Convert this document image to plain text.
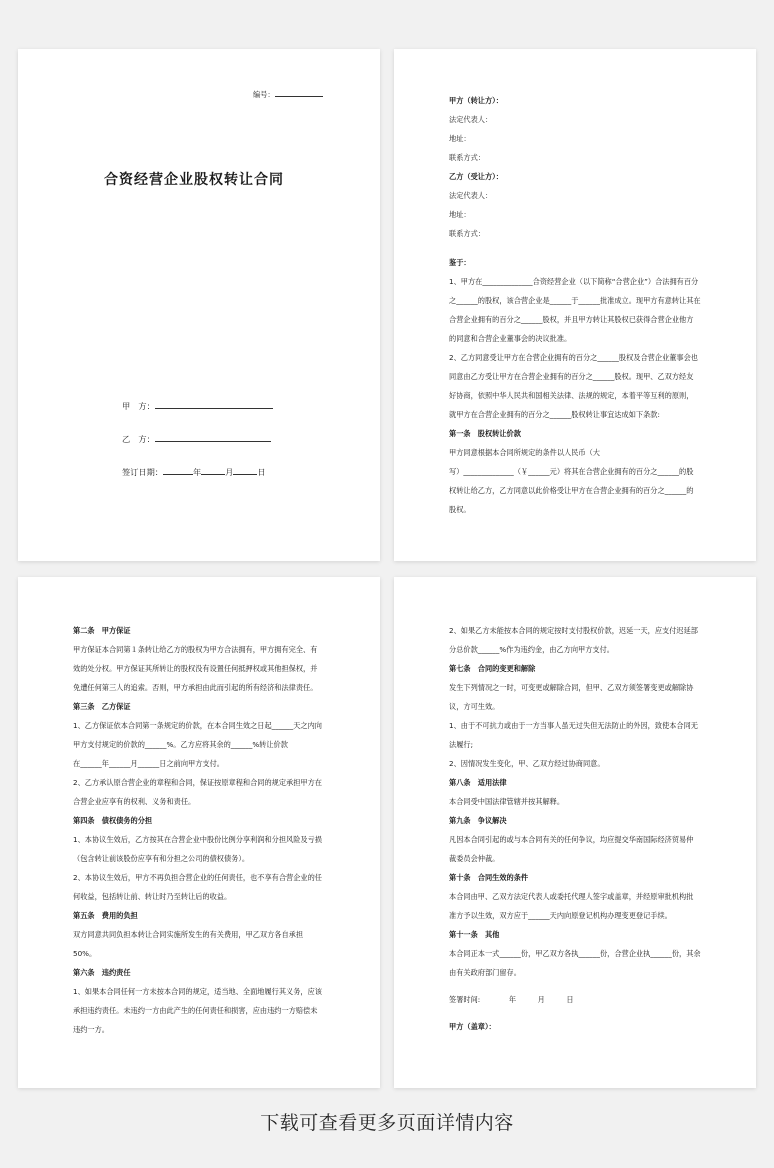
编号：
合资经营企业股权转让合同
甲　方：
乙　方：
签订日期：	年	月	日

甲方（转让方）：

法定代表人：

地址：

联系方式：

乙方（受让方）：

法定代表人：

地址：

联系方式：

鉴于：

1、甲方在______________合资经营企业（以下简称“合营企业”）合法拥有百分

之______的股权，该合营企业是______于______批准成立。现甲方有意转让其在

合营企业拥有的百分之______股权，并且甲方转让其股权已获得合营企业他方

的同意和合营企业董事会的决议批准。

2、乙方同意受让甲方在合营企业拥有的百分之______股权及合营企业董事会也

同意由乙方受让甲方在合营企业拥有的百分之______股权。现甲、乙双方经友

好协商，依照中华人民共和国相关法律、法规的规定，本着平等互利的原则，

就甲方在合营企业拥有的百分之______股权转让事宜达成如下条款:

第一条　股权转让价款

甲方同意根据本合同所规定的条件以人民币（大

写）______________（￥______元）将其在合营企业拥有的百分之______的股

权转让给乙方，乙方同意以此价格受让甲方在合营企业拥有的百分之______的

股权。

第二条　甲方保证

甲方保证本合同第１条转让给乙方的股权为甲方合法拥有，甲方拥有完全、有

效的处分权。甲方保证其所转让的股权没有设置任何抵押权或其他担保权，并

免遭任何第三人的追索。否则，甲方承担由此而引起的所有经济和法律责任。

第三条　乙方保证

1、乙方保证依本合同第一条规定的价款，在本合同生效之日起______天之内向

甲方支付规定的价款的______%。乙方应将其余的______%转让价款

在______年______月______日之前向甲方支付。

2、乙方承认原合营企业的章程和合同，保证按原章程和合同的规定承担甲方在

合营企业应享有的权利、义务和责任。

第四条　债权债务的分担

1、本协议生效后，乙方按其在合营企业中股份比例分享利润和分担风险及亏损

（包含转让前该股份应享有和分担之公司的债权债务）。

2、本协议生效后，甲方不再负担合营企业的任何责任，也不享有合营企业的任

何收益，包括转让前、转让时乃至转让后的收益。

第五条　费用的负担

双方同意共同负担本转让合同实施所发生的有关费用，甲乙双方各自承担

50%。

第六条　违约责任

1、如果本合同任何一方未按本合同的规定，适当地、全面地履行其义务，应该

承担违约责任。未违约一方由此产生的任何责任和损害，应由违约一方赔偿未

违约一方。

2、如果乙方未能按本合同的规定按时支付股权价款，迟延一天，应支付迟延部

分总价款______%作为违约金，由乙方向甲方支付。

第七条　合同的变更和解除

发生下列情况之一时，可变更或解除合同，但甲、乙双方须签署变更或解除协

议，方可生效。

1、由于不可抗力或由于一方当事人虽无过失但无法防止的外因，致使本合同无

法履行;

2、因情况发生变化，甲、乙双方经过协商同意。

第八条　适用法律

本合同受中国法律管辖并按其解释。

第九条　争议解决

凡因本合同引起的或与本合同有关的任何争议，均应提交华南国际经济贸易仲

裁委员会仲裁。

第十条　合同生效的条件

本合同由甲、乙双方法定代表人或委托代理人签字或盖章，并经原审批机构批

准方予以生效，双方应于______天内向原登记机构办理变更登记手续。

第十一条　其他

本合同正本一式______份，甲乙双方各执______份，合营企业执______份，其余

由有关政府部门留存。

签署时间:　　　　年　　　月　　　日

甲方（盖章）：

下载可查看更多页面详情内容
